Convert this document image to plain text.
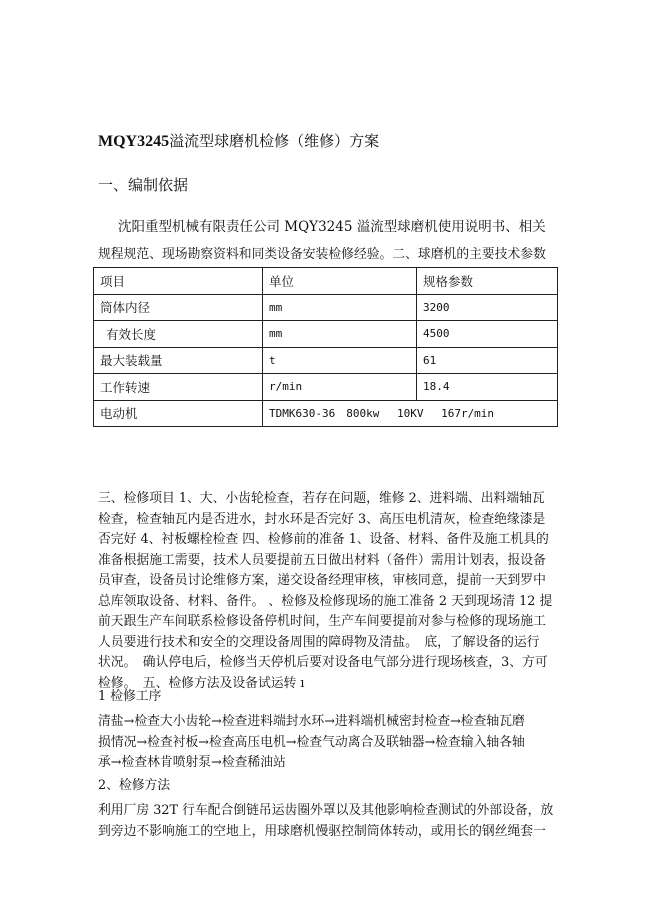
MQY3245溢流型球磨机检修（维修）方案
一、编制依据
沈阳重型机械有限责任公司 MQY3245 溢流型球磨机使用说明书、相关
规程规范、现场勘察资料和同类设备安装检修经验。二、球磨机的主要技术参数
项目	单位	规格参数
筒体内径	mm	3200
有效长度	mm	4500
最大装载量	t	61
工作转速	r/min	18.4
电动机	TDMK630-36　800kw　 10KV　 167r/min	
三、检修项目 1、大、小齿轮检查，若存在问题，维修 2、进料端、出料端轴瓦
检查，检查轴瓦内是否进水，封水环是否完好 3、高压电机清灰，检查绝缘漆是
否完好 4、衬板螺栓检查 四、检修前的准备 1、设备、材料、备件及施工机具的
准备根据施工需要，技术人员要提前五日做出材料（备件）需用计划表，报设备
员审查，设备员讨论维修方案，递交设备经理审核，审核同意，提前一天到罗中
总库领取设备、材料、备件。 、检修及检修现场的施工准备 2 天到现场清 12 提
前天跟生产车间联系检修设备停机时间，生产车间要提前对参与检修的现场施工
人员要进行技术和安全的交理设备周围的障碍物及清盐。　底，了解设备的运行
状况。　确认停电后，检修当天停机后要对设备电气部分进行现场核查，3、方可
检修。　五、检修方法及设备试运转 ı
1 检修工序
清盐→检查大小齿轮→检查进料端封水环→进料端机械密封检查→检查轴瓦磨
损情况→检查衬板→检查高压电机→检查气动离合及联轴器→检查输入轴各轴
承→检查林肯喷射泵→检查稀油站
2、检修方法
利用厂房 32T 行车配合倒链吊运齿圈外罩以及其他影响检查测试的外部设备，放
到旁边不影响施工的空地上，用球磨机慢驱控制筒体转动，或用长的钢丝绳套一
